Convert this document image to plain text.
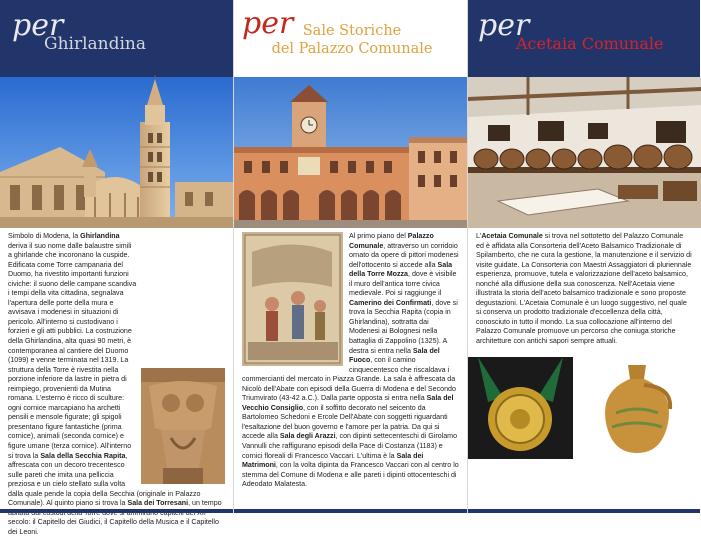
per
Ghirlandina
Simbolo di Modena, la Ghirlandina deriva il suo nome dalle balaustre simili a ghirlande che incoronano la cuspide. Edificata come Torre campanaria del Duomo, ha rivestito importanti funzioni civiche: il suono delle campane scandiva i tempi della vita cittadina, segnalava l'apertura delle porte della mura e avvisava i modenesi in situazioni di pericolo. All'interno si custodivano i forzieri e gli atti pubblici. La costruzione della Ghirlandina, alta quasi 90 metri, è contemporanea al cantiere del Duomo (1099) e venne terminata nel 1319. La struttura della Torre è rivestita nella porzione inferiore da lastre in pietra di reimpiego, provenienti da Mutina romana. L'esterno è ricco di sculture: ogni cornice marcapiano ha archetti pensili e mensole figurate; gli spigoli presentano figure fantastiche (prima cornice), animali (seconda cornice) e figure umane (terza cornice). All'interno si trova la Sala della Secchia Rapita, affrescata con un decoro trecentesco sulle pareti che imita una pelliccia preziosa e un cielo stellato sulla volta dalla quale pende la copia della Secchia (originale in Palazzo Comunale). Al quinto piano si trova la Sala dei Torresani, un tempo secolo: il Capitello dei Giudici, il Capitello della Musica e il Capitello dei Leoni.
per Sale Storiche
del Palazzo Comunale
Al primo piano del Palazzo Comunale, attraverso un corridoio ornato da opere di pittori modenesi dell'ottocento si accede alla Sala della Torre Mozza, dove è visibile il muro dell'antica torre civica medievale. Poi si raggiunge il Camerino dei Confirmati, dove si trova la Secchia Rapita (copia in Ghirlandina), sottratta dai Modenesi ai Bolognesi nella battaglia di Zappolino (1325). A destra si entra nella Sala del Fuoco, con il camino cinquecentesco che riscaldava i commercianti del mercato in Piazza Grande. La sala è affrescata da Nicolò dell'Abate con episodi della Guerra di Modena e del Secondo Triumvirato (43-42 a.C.). Dalla parte opposta si entra nella Sala del Vecchio Consiglio, con il soffitto decorato nel seicento da Bartolomeo Schedoni e Ercole Dell'Abate con soggetti riguardanti l'esaltazione del buon governo e l'amore per la patria. Da qui si accede alla Sala degli Arazzi, con dipinti settecenteschi di Girolamo Vannulli che raffigurano episodi della Pace di Costanza (1183) e cornici floreali di Francesco Vaccari. L'ultima è la Sala dei Matrimoni, con la volta dipinta da Francesco Vaccari con al centro lo stemma del Comune di Modena e alle pareti i dipinti ottocenteschi di Adeodato Malatesta.
per
Acetaia Comunale
L'Acetaia Comunale si trova nel sottotetto del Palazzo Comunale ed è affidata alla Consorteria dell'Aceto Balsamico Tradizionale di Spilamberto, che ne cura la gestione, la manutenzione e il servizio di visite guidate. La Consorteria con Maestri Assaggiatori di pluriennale esperienza, promuove, tutela e valorizzazione dell'aceto balsamico, nonché alla diffusione della sua conoscenza. Nell'Acetaia viene illustrata la storia dell'aceto balsamico tradizionale e sono proposte degustazioni. L'Acetaia Comunale è un luogo suggestivo, nel quale si conserva un prodotto tradizionale d'eccellenza della città, conosciuto in tutto il mondo. La sua collocazione all'interno del Palazzo Comunale promuove un percorso che coniuga storiche architetture con antichi sapori sempre attuali.
